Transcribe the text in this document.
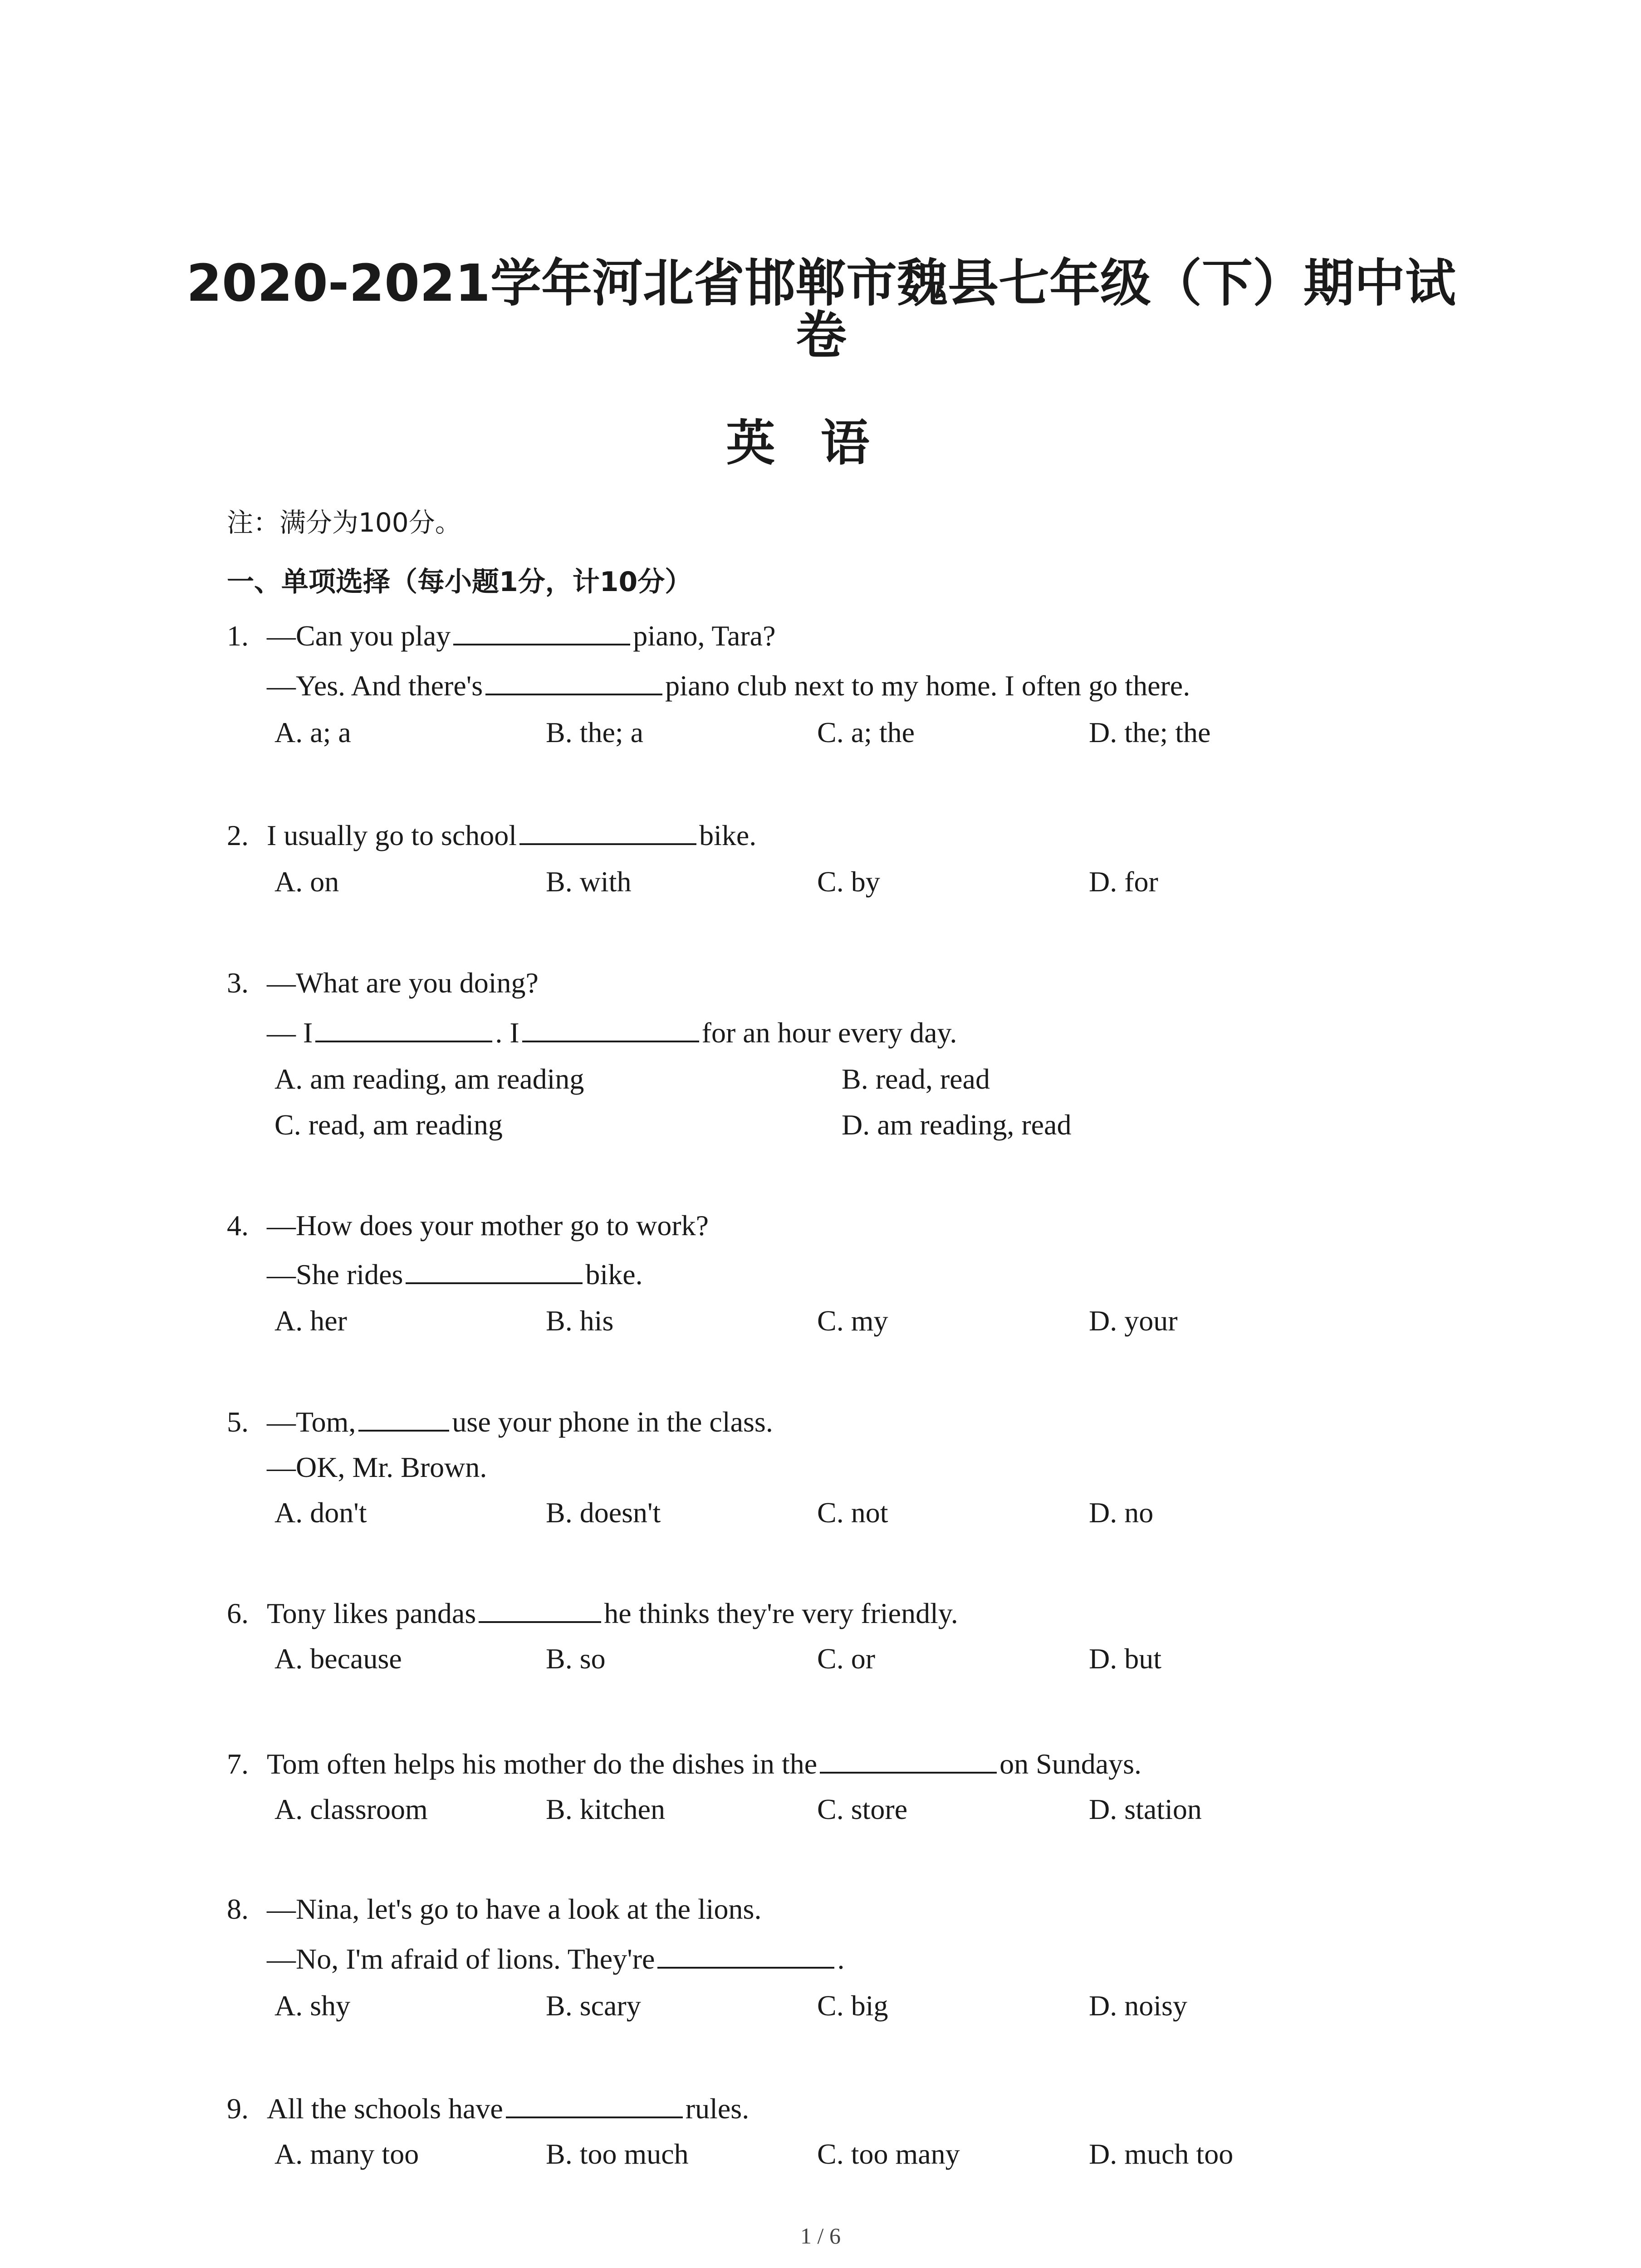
2020-2021学年河北省邯郸市魏县七年级（下）期中试
卷
英语
注：满分为100分。
一、单项选择（每小题1分，计10分）
1. —Can you play	piano, Tara?
—Yes. And there's	piano club next to my home. I often go there.
A. a; a	B. the; a	C. a; the	D. the; the
2. I usually go to school	bike.
A. on	B. with	C. by	D. for
3. —What are you doing?
— I	. I	for an hour every day.
A. am reading, am reading	B. read, read
C. read, am reading	D. am reading, read
4. —How does your mother go to work?
—She rides	bike.
A. her	B. his	C. my	D. your
5. —Tom,	use your phone in the class.
—OK, Mr. Brown.
A. don't	B. doesn't	C. not	D. no
6. Tony likes pandas	he thinks they're very friendly.
A. because	B. so	C. or	D. but
7. Tom often helps his mother do the dishes in the	on Sundays.
A. classroom	B. kitchen	C. store	D. station
8. —Nina, let's go to have a look at the lions.
—No, I'm afraid of lions. They're	.
A. shy	B. scary	C. big	D. noisy
9. All the schools have	rules.
A. many too	B. too much	C. too many	D. much too
1 / 6
